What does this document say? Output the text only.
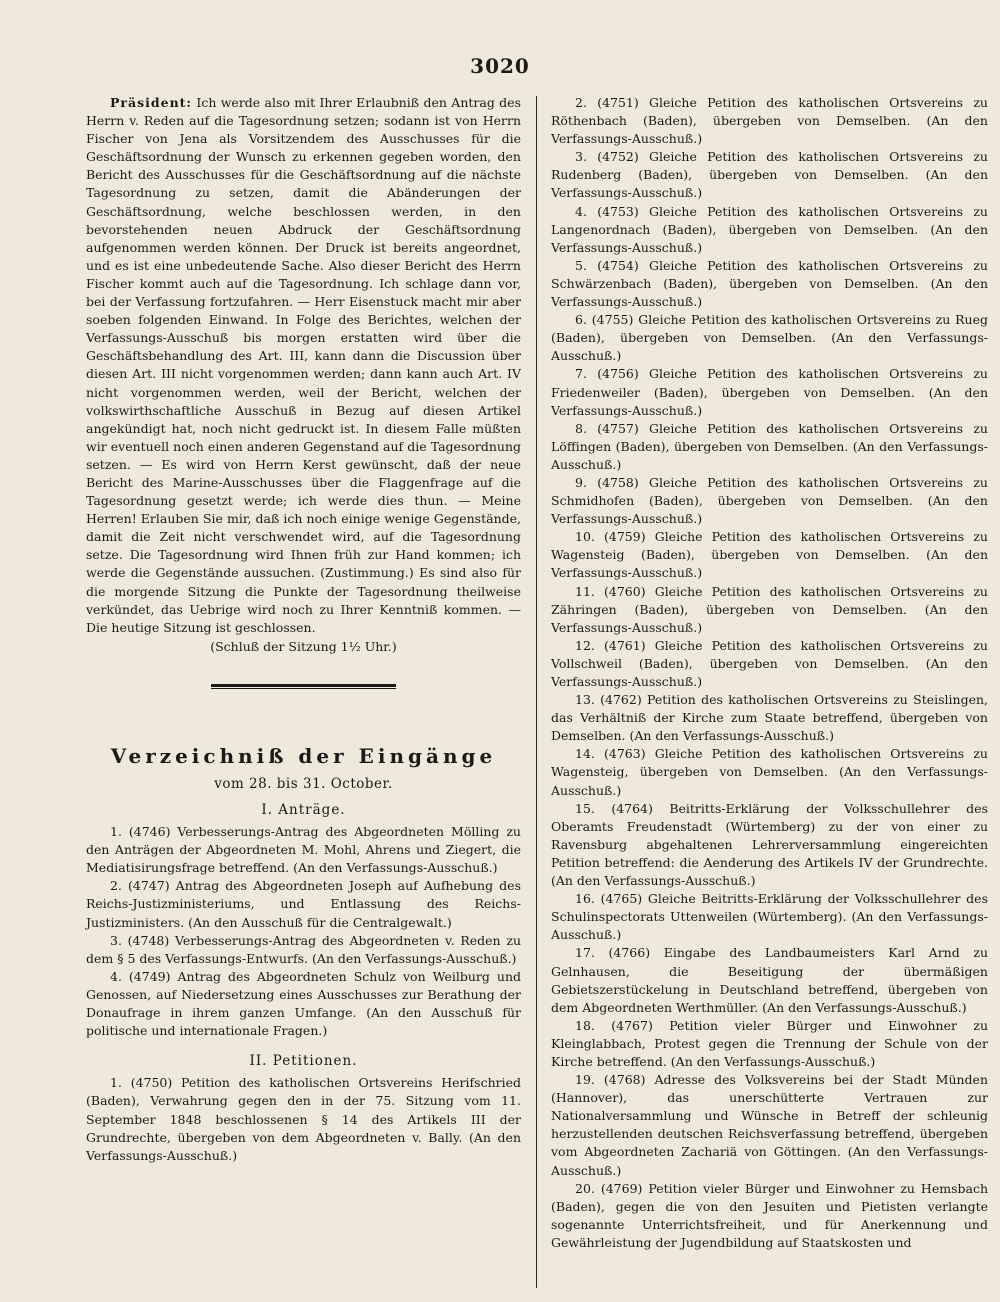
3020

Präsident: Ich werde also mit Ihrer Erlaubniß den Antrag des Herrn v. Reden auf die Tagesordnung setzen; sodann ist von Herrn Fischer von Jena als Vorsitzendem des Ausschusses für die Geschäftsordnung der Wunsch zu erkennen gegeben worden, den Bericht des Ausschusses für die Geschäftsordnung auf die nächste Tagesordnung zu setzen, damit die Abänderungen der Geschäftsordnung, welche beschlossen werden, in den bevorstehenden neuen Abdruck der Geschäftsordnung aufgenommen werden können. Der Druck ist bereits angeordnet, und es ist eine unbedeutende Sache. Also dieser Bericht des Herrn Fischer kommt auch auf die Tagesordnung. Ich schlage dann vor, bei der Verfassung fortzufahren. — Herr Eisenstuck macht mir aber soeben folgenden Einwand. In Folge des Berichtes, welchen der Verfassungs-Ausschuß bis morgen erstatten wird über die Geschäftsbehandlung des Art. III, kann dann die Discussion über diesen Art. III nicht vorgenommen werden; dann kann auch Art. IV nicht vorgenommen werden, weil der Bericht, welchen der volkswirthschaftliche Ausschuß in Bezug auf diesen Artikel angekündigt hat, noch nicht gedruckt ist. In diesem Falle müßten wir eventuell noch einen anderen Gegenstand auf die Tagesordnung setzen. — Es wird von Herrn Kerst gewünscht, daß der neue Bericht des Marine-Ausschusses über die Flaggenfrage auf die Tagesordnung gesetzt werde; ich werde dies thun. — Meine Herren! Erlauben Sie mir, daß ich noch einige wenige Gegenstände, damit die Zeit nicht verschwendet wird, auf die Tagesordnung setze. Die Tagesordnung wird Ihnen früh zur Hand kommen; ich werde die Gegenstände aussuchen. (Zustimmung.) Es sind also für die morgende Sitzung die Punkte der Tagesordnung theilweise verkündet, das Uebrige wird noch zu Ihrer Kenntniß kommen. — Die heutige Sitzung ist geschlossen.

(Schluß der Sitzung 1½ Uhr.)

Verzeichniß der Eingänge
vom 28. bis 31. October.
I. Anträge.

1. (4746) Verbesserungs-Antrag des Abgeordneten Mölling zu den Anträgen der Abgeordneten M. Mohl, Ahrens und Ziegert, die Mediatisirungsfrage betreffend. (An den Verfassungs-Ausschuß.)

2. (4747) Antrag des Abgeordneten Joseph auf Aufhebung des Reichs-Justizministeriums, und Entlassung des Reichs-Justizministers. (An den Ausschuß für die Centralgewalt.)

3. (4748) Verbesserungs-Antrag des Abgeordneten v. Reden zu dem § 5 des Verfassungs-Entwurfs. (An den Verfassungs-Ausschuß.)

4. (4749) Antrag des Abgeordneten Schulz von Weilburg und Genossen, auf Niedersetzung eines Ausschusses zur Berathung der Donaufrage in ihrem ganzen Umfange. (An den Ausschuß für politische und internationale Fragen.)

II. Petitionen.

1. (4750) Petition des katholischen Ortsvereins Herifschried (Baden), Verwahrung gegen den in der 75. Sitzung vom 11. September 1848 beschlossenen § 14 des Artikels III der Grundrechte, übergeben von dem Abgeordneten v. Bally. (An den Verfassungs-Ausschuß.)

2. (4751) Gleiche Petition des katholischen Ortsvereins zu Röthenbach (Baden), übergeben von Demselben. (An den Verfassungs-Ausschuß.)

3. (4752) Gleiche Petition des katholischen Ortsvereins zu Rudenberg (Baden), übergeben von Demselben. (An den Verfassungs-Ausschuß.)

4. (4753) Gleiche Petition des katholischen Ortsvereins zu Langenordnach (Baden), übergeben von Demselben. (An den Verfassungs-Ausschuß.)

5. (4754) Gleiche Petition des katholischen Ortsvereins zu Schwärzenbach (Baden), übergeben von Demselben. (An den Verfassungs-Ausschuß.)

6. (4755) Gleiche Petition des katholischen Ortsvereins zu Rueg (Baden), übergeben von Demselben. (An den Verfassungs-Ausschuß.)

7. (4756) Gleiche Petition des katholischen Ortsvereins zu Friedenweiler (Baden), übergeben von Demselben. (An den Verfassungs-Ausschuß.)

8. (4757) Gleiche Petition des katholischen Ortsvereins zu Löffingen (Baden), übergeben von Demselben. (An den Verfassungs-Ausschuß.)

9. (4758) Gleiche Petition des katholischen Ortsvereins zu Schmidhofen (Baden), übergeben von Demselben. (An den Verfassungs-Ausschuß.)

10. (4759) Gleiche Petition des katholischen Ortsvereins zu Wagensteig (Baden), übergeben von Demselben. (An den Verfassungs-Ausschuß.)

11. (4760) Gleiche Petition des katholischen Ortsvereins zu Zähringen (Baden), übergeben von Demselben. (An den Verfassungs-Ausschuß.)

12. (4761) Gleiche Petition des katholischen Ortsvereins zu Vollschweil (Baden), übergeben von Demselben. (An den Verfassungs-Ausschuß.)

13. (4762) Petition des katholischen Ortsvereins zu Steislingen, das Verhältniß der Kirche zum Staate betreffend, übergeben von Demselben. (An den Verfassungs-Ausschuß.)

14. (4763) Gleiche Petition des katholischen Ortsvereins zu Wagensteig, übergeben von Demselben. (An den Verfassungs-Ausschuß.)

15. (4764) Beitritts-Erklärung der Volksschullehrer des Oberamts Freudenstadt (Würtemberg) zu der von einer zu Ravensburg abgehaltenen Lehrerversammlung eingereichten Petition betreffend: die Aenderung des Artikels IV der Grundrechte. (An den Verfassungs-Ausschuß.)

16. (4765) Gleiche Beitritts-Erklärung der Volksschullehrer des Schulinspectorats Uttenweilen (Würtemberg). (An den Verfassungs-Ausschuß.)

17. (4766) Eingabe des Landbaumeisters Karl Arnd zu Gelnhausen, die Beseitigung der übermäßigen Gebietszerstückelung in Deutschland betreffend, übergeben von dem Abgeordneten Werthmüller. (An den Verfassungs-Ausschuß.)

18. (4767) Petition vieler Bürger und Einwohner zu Kleinglabbach, Protest gegen die Trennung der Schule von der Kirche betreffend. (An den Verfassungs-Ausschuß.)

19. (4768) Adresse des Volksvereins bei der Stadt Münden (Hannover), das unerschütterte Vertrauen zur Nationalversammlung und Wünsche in Betreff der schleunig herzustellenden deutschen Reichsverfassung betreffend, übergeben vom Abgeordneten Zachariä von Göttingen. (An den Verfassungs-Ausschuß.)

20. (4769) Petition vieler Bürger und Einwohner zu Hemsbach (Baden), gegen die von den Jesuiten und Pietisten verlangte sogenannte Unterrichtsfreiheit, und für Anerkennung und Gewährleistung der Jugendbildung auf Staatskosten und
